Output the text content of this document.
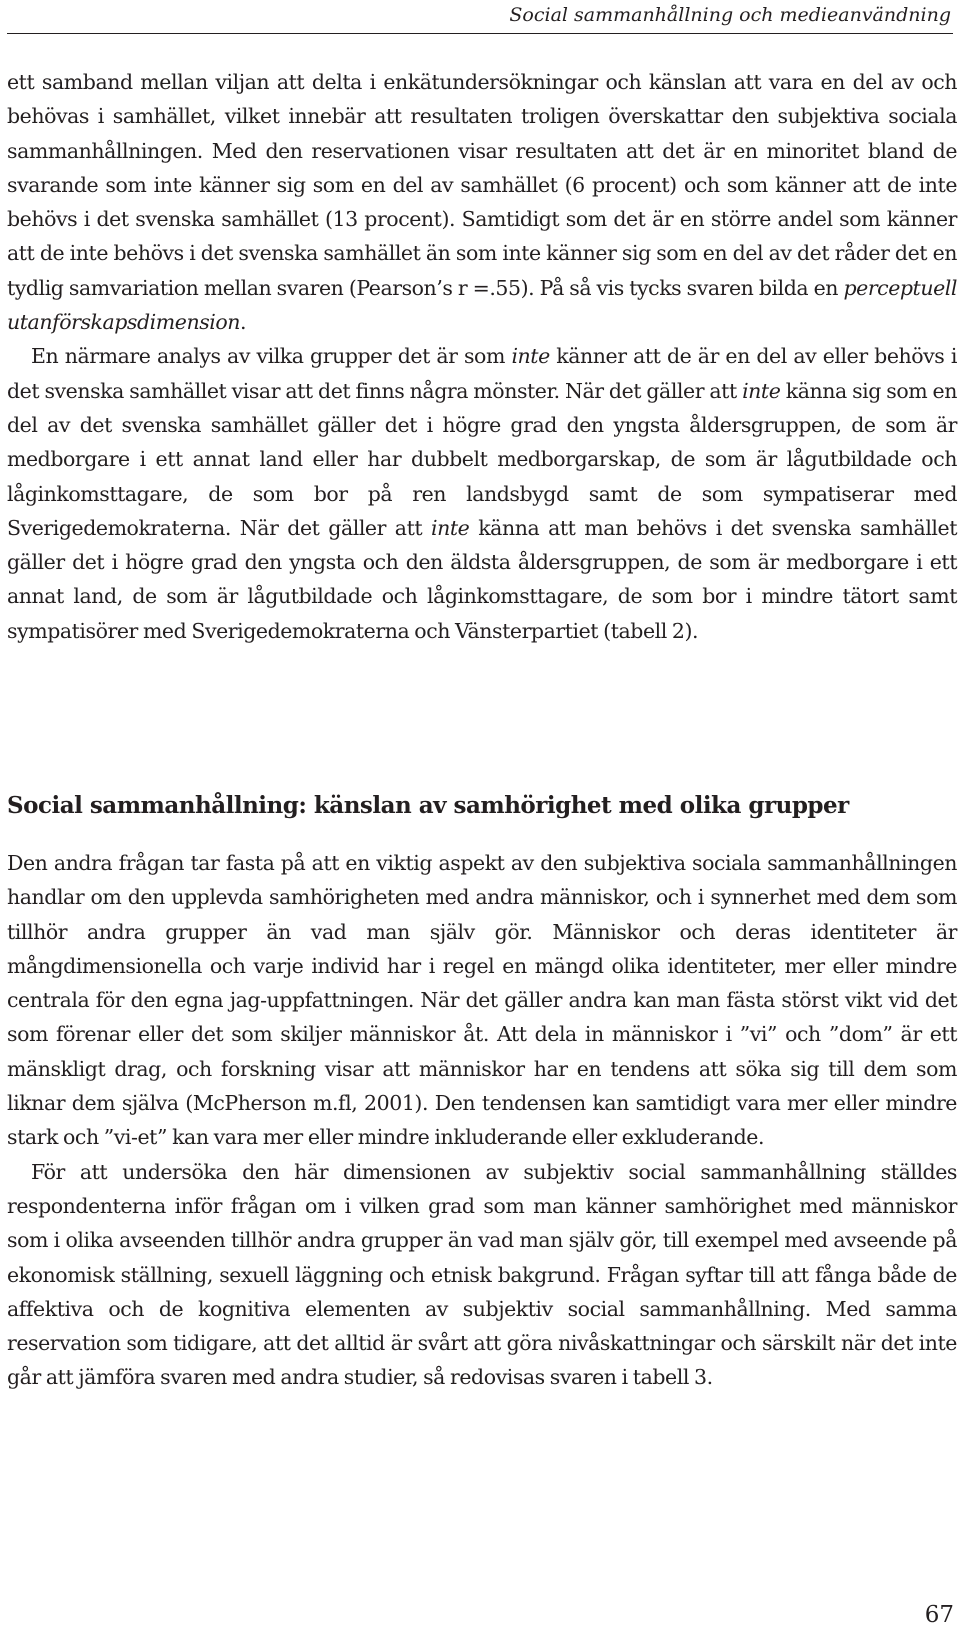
Social sammanhållning och medieanvändning

ett samband mellan viljan att delta i enkätundersökningar och känslan att vara en del av och behövas i samhället, vilket innebär att resultaten troligen överskattar den subjektiva sociala sammanhållningen. Med den reservationen visar resultaten att det är en minoritet bland de svarande som inte känner sig som en del av samhället (6 procent) och som känner att de inte behövs i det svenska samhället (13 procent). Samtidigt som det är en större andel som känner att de inte behövs i det svenska samhället än som inte känner sig som en del av det råder det en tydlig samvariation mellan svaren (Pearson’s r =.55). På så vis tycks svaren bilda en perceptuell utanförskapsdimension.

En närmare analys av vilka grupper det är som inte känner att de är en del av eller behövs i det svenska samhället visar att det finns några mönster. När det gäller att inte känna sig som en del av det svenska samhället gäller det i högre grad den yngsta åldersgruppen, de som är medborgare i ett annat land eller har dubbelt medborgarskap, de som är lågutbildade och låginkomsttagare, de som bor på ren landsbygd samt de som sympatiserar med Sverigedemokraterna. När det gäller att inte känna att man behövs i det svenska samhället gäller det i högre grad den yngsta och den äldsta åldersgruppen, de som är medborgare i ett annat land, de som är lågutbildade och låginkomsttagare, de som bor i mindre tätort samt sympatisörer med Sverigedemokraterna och Vänsterpartiet (tabell 2).

Social sammanhållning: känslan av samhörighet med olika grupper

Den andra frågan tar fasta på att en viktig aspekt av den subjektiva sociala sammanhållningen handlar om den upplevda samhörigheten med andra människor, och i synnerhet med dem som tillhör andra grupper än vad man själv gör. Människor och deras identiteter är mångdimensionella och varje individ har i regel en mängd olika identiteter, mer eller mindre centrala för den egna jag-uppfattningen. När det gäller andra kan man fästa störst vikt vid det som förenar eller det som skiljer människor åt. Att dela in människor i ”vi” och ”dom” är ett mänskligt drag, och forskning visar att människor har en tendens att söka sig till dem som liknar dem själva (McPherson m.fl, 2001). Den tendensen kan samtidigt vara mer eller mindre stark och ”vi-et” kan vara mer eller mindre inkluderande eller exkluderande.

För att undersöka den här dimensionen av subjektiv social sammanhållning ställdes respondenterna inför frågan om i vilken grad som man känner samhörighet med människor som i olika avseenden tillhör andra grupper än vad man själv gör, till exempel med avseende på ekonomisk ställning, sexuell läggning och etnisk bakgrund. Frågan syftar till att fånga både de affektiva och de kognitiva elementen av subjektiv social sammanhållning. Med samma reservation som tidigare, att det alltid är svårt att göra nivåskattningar och särskilt när det inte går att jämföra svaren med andra studier, så redovisas svaren i tabell 3.

67
